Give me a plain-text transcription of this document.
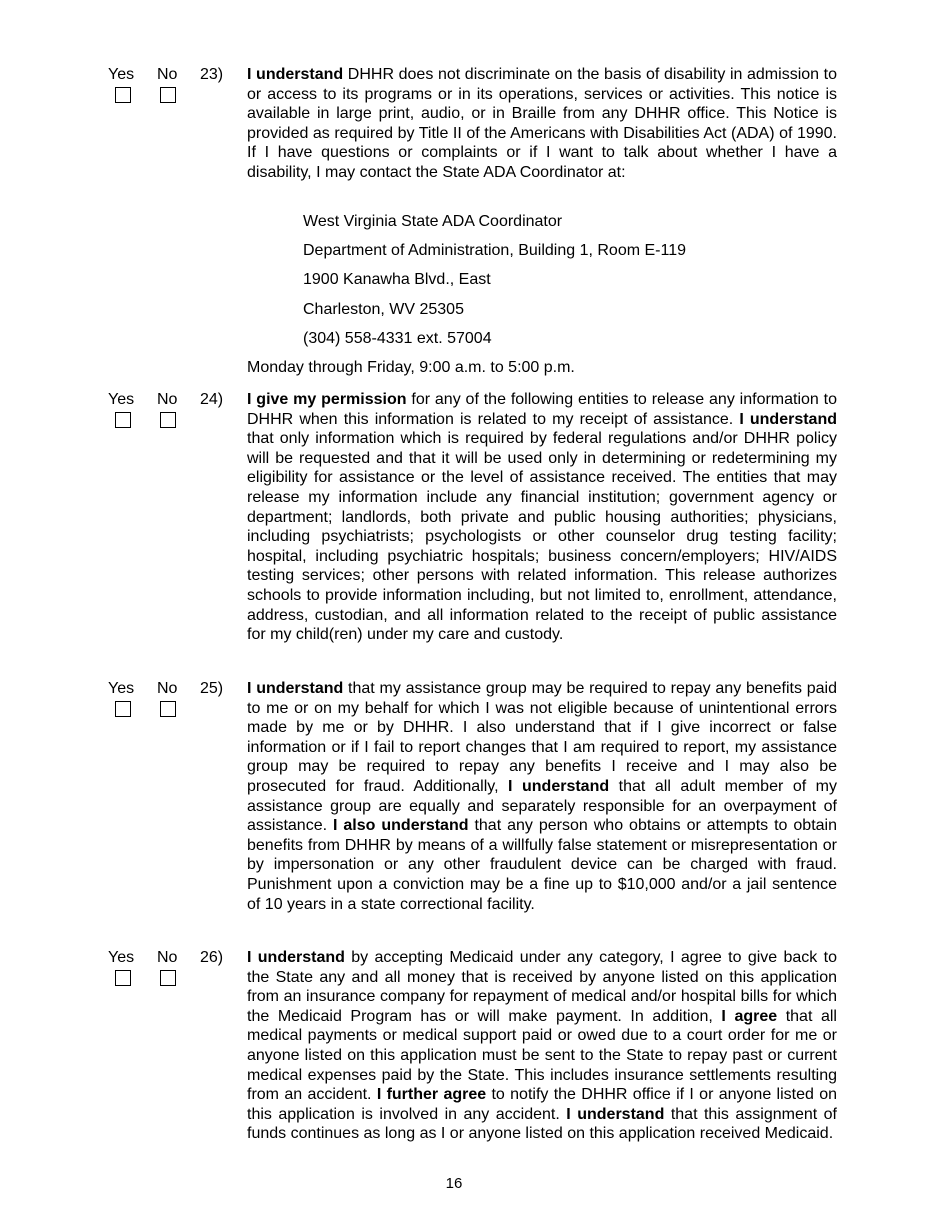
Yes No 23) I understand DHHR does not discriminate on the basis of disability in admission to or access to its programs or in its operations, services or activities. This notice is available in large print, audio, or in Braille from any DHHR office. This Notice is provided as required by Title II of the Americans with Disabilities Act (ADA) of 1990. If I have questions or complaints or if I want to talk about whether I have a disability, I may contact the State ADA Coordinator at:

West Virginia State ADA Coordinator
Department of Administration, Building 1, Room E-119
1900 Kanawha Blvd., East
Charleston, WV 25305
(304) 558-4331 ext. 57004
Monday through Friday, 9:00 a.m. to 5:00 p.m.
Yes No 24) I give my permission for any of the following entities to release any information to DHHR when this information is related to my receipt of assistance. I understand that only information which is required by federal regulations and/or DHHR policy will be requested and that it will be used only in determining or redetermining my eligibility for assistance or the level of assistance received. The entities that may release my information include any financial institution; government agency or department; landlords, both private and public housing authorities; physicians, including psychiatrists; psychologists or other counselor drug testing facility; hospital, including psychiatric hospitals; business concern/employers; HIV/AIDS testing services; other persons with related information. This release authorizes schools to provide information including, but not limited to, enrollment, attendance, address, custodian, and all information related to the receipt of public assistance for my child(ren) under my care and custody.

Yes No 25) I understand that my assistance group may be required to repay any benefits paid to me or on my behalf for which I was not eligible because of unintentional errors made by me or by DHHR. I also understand that if I give incorrect or false information or if I fail to report changes that I am required to report, my assistance group may be required to repay any benefits I receive and I may also be prosecuted for fraud. Additionally, I understand that all adult member of my assistance group are equally and separately responsible for an overpayment of assistance. I also understand that any person who obtains or attempts to obtain benefits from DHHR by means of a willfully false statement or misrepresentation or by impersonation or any other fraudulent device can be charged with fraud. Punishment upon a conviction may be a fine up to $10,000 and/or a jail sentence of 10 years in a state correctional facility.

Yes No 26) I understand by accepting Medicaid under any category, I agree to give back to the State any and all money that is received by anyone listed on this application from an insurance company for repayment of medical and/or hospital bills for which the Medicaid Program has or will make payment. In addition, I agree that all medical payments or medical support paid or owed due to a court order for me or anyone listed on this application must be sent to the State to repay past or current medical expenses paid by the State. This includes insurance settlements resulting from an accident. I further agree to notify the DHHR office if I or anyone listed on this application is involved in any accident. I understand that this assignment of funds continues as long as I or anyone listed on this application received Medicaid.

16
